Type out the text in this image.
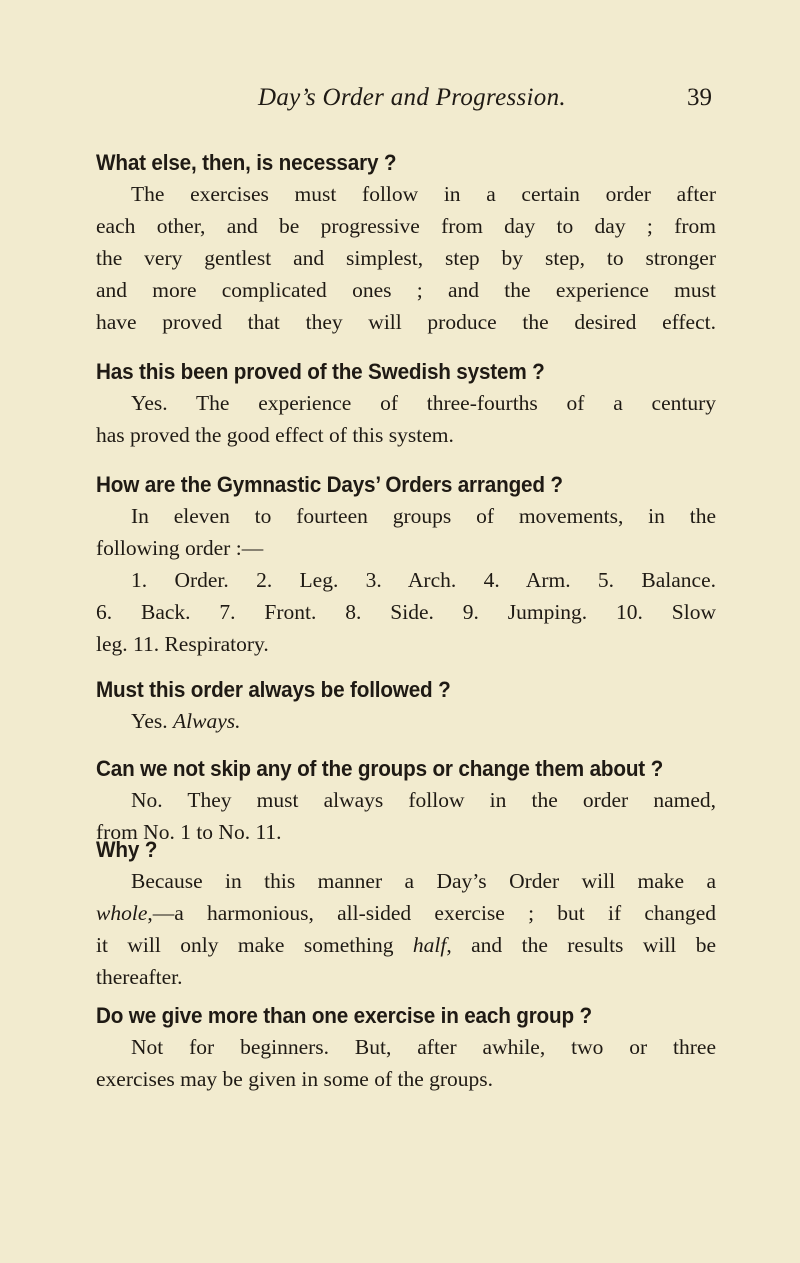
Day’s Order and Progression.	39
What else, then, is necessary ?
The exercises must follow in a certain order after
each other, and be progressive from day to day ; from
the very gentlest and simplest, step by step, to stronger
and more complicated ones ; and the experience must
have proved that they will produce the desired effect.
Has this been proved of the Swedish system ?
Yes. The experience of three-fourths of a century
has proved the good effect of this system.
How are the Gymnastic Days’ Orders arranged ?
In eleven to fourteen groups of movements, in the
following order :—
1. Order. 2. Leg. 3. Arch. 4. Arm. 5. Balance.
6. Back. 7. Front. 8. Side. 9. Jumping. 10. Slow
leg. 11. Respiratory.
Must this order always be followed ?
Yes. Always.
Can we not skip any of the groups or change them about ?
No. They must always follow in the order named,
from No. 1 to No. 11.
Why ?
Because in this manner a Day’s Order will make a
whole,—a harmonious, all-sided exercise ; but if changed
it will only make something half, and the results will be
thereafter.
Do we give more than one exercise in each group ?
Not for beginners. But, after awhile, two or three
exercises may be given in some of the groups.
